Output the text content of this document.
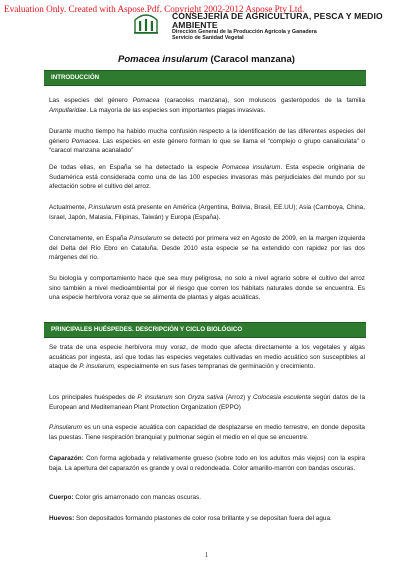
Evaluation Only. Created with Aspose.Pdf. Copyright 2002-2012 Aspose Pty Ltd.
CONSEJERÍA DE AGRICULTURA, PESCA Y MEDIO AMBIENTE
Dirección General de la Producción Agrícola y Ganadera
Servicio de Sanidad Vegetal
Pomacea insularum (Caracol manzana)
INTRODUCCIÓN
Las especies del género Pomacea (caracoles manzana), son moluscos gasterópodos de la familia Ampullaridae. La mayoría de las especies son importantes plagas invasivas.
Durante mucho tiempo ha habido mucha confusión respecto a la identificación de las diferentes especies del género Pomacea. Las especies en este género forman lo que se llama el “complejo o grupo canaliculata” o “caracol manzana acanalado”
De todas ellas, en España se ha detectado la especie Pomacea insularum. Esta especie originaria de Sudamérica está considerada como una de las 100 especies invasoras más perjudiciales del mundo por su afectación sobre el cultivo del arroz.
Actualmente, P.insularum está presente en América (Argentina, Bolivia, Brasil, EE.UU); Asia (Camboya, China, Israel, Japón, Malasia, Filipinas, Taiwán) y Europa (España).
Concretamente, en España P.insularum se detectó por primera vez en Agosto de 2009, en la margen izquierda del Delta del Río Ebro en Cataluña. Desde 2010 esta especie se ha extendido con rapidez por las dos márgenes del río.
Su biología y comportamiento hace que sea muy peligrosa, no solo a nivel agrario sobre el cultivo del arroz sino también a nivel medioambiental por el riesgo que corren los hábitats naturales donde se encuentra. Es una especie herbívora voraz que se alimenta de plantas y algas acuáticas.
PRINCIPALES HUÉSPEDES. DESCRIPCIÓN Y CICLO BIOLÓGICO
Se trata de una especie herbívora muy voraz, de modo que afecta directamente a los vegetales y algas acuáticas por ingesta, así que todas las especies vegetales cultivadas en medio acuático son susceptibles al ataque de P. insularum, especialmente en sus fases tempranas de germinación y crecimiento.
Los principales huéspedes de P. insularum son Oryza sativa (Arroz) y Colocasia esculenta según datos de la European and Mediterranean Plant Protection Organization (EPPO)
P.insularum es un una especie acuática con capacidad de desplazarse en medio terrestre, en donde deposita las puestas. Tiene respiración branquial y pulmonar según el medio en el que se encuentre.
Caparazón: Con forma aglobada y relativamente grueso (sobre todo en los adultos más viejos) con la espira baja. La apertura del caparazón es grande y oval o redondeada. Color amarillo-marrón con bandas oscuras.
Cuerpo: Color gris amarronado con mancas oscuras.
Huevos: Son depositados formando plastones de color rosa brillante y se depositan fuera del agua.
1
